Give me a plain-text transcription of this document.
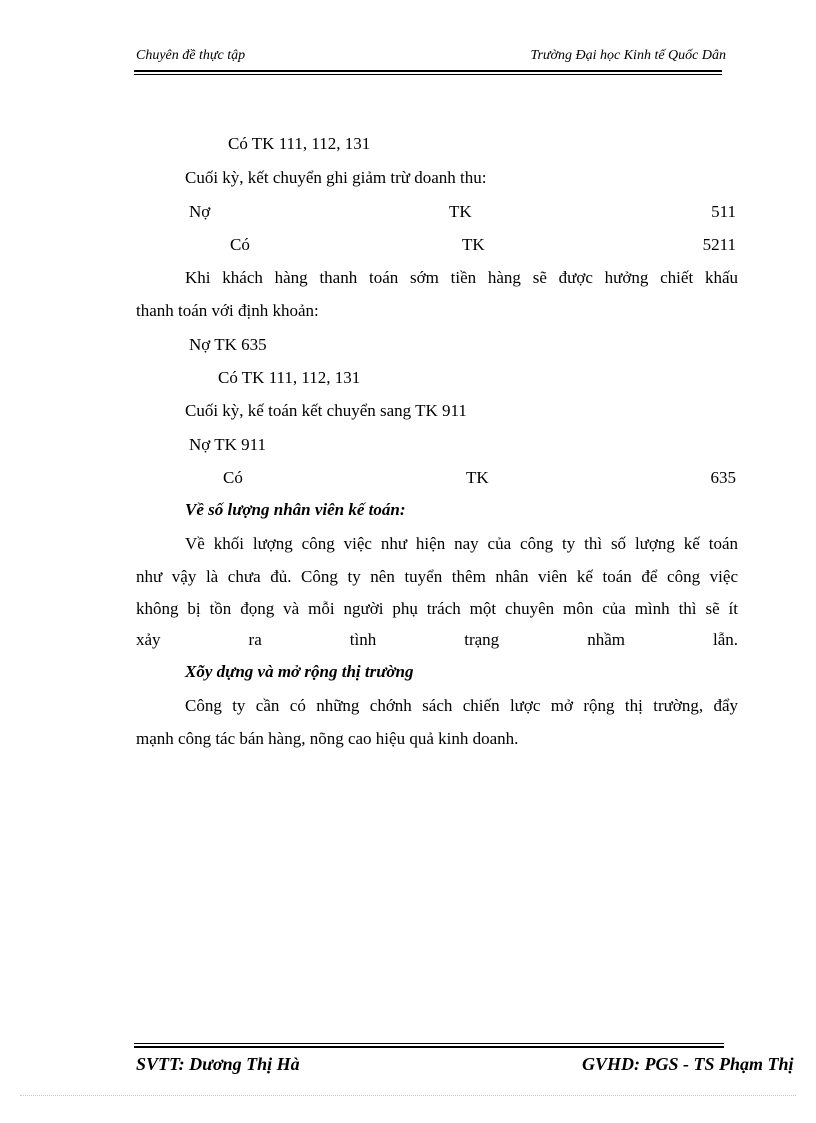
Chuyên đề thực tập	Trường Đại học Kinh tế Quốc Dân
Có TK 111, 112, 131
Cuối kỳ, kết chuyển ghi giảm trừ doanh thu:
Nợ	TK	511
Có	TK	5211
Khi khách hàng thanh toán sớm tiền hàng sẽ được hưởng chiết khấu
thanh toán với định khoản:
Nợ TK 635
Có TK 111, 112, 131
Cuối kỳ, kế toán kết chuyển sang TK 911
Nợ TK 911
Có	TK	635
Về số lượng nhân viên kế toán:
Về khối lượng công việc như hiện nay của công ty thì số lượng kế toán
như vậy là chưa đủ. Công ty nên tuyển thêm nhân viên kế toán để công việc
không bị tồn đọng và mỗi người phụ trách một chuyên môn của mình thì sẽ ít
xảy ra tình trạng nhầm lẫn.
Xõy dựng và mở rộng thị trường
Công ty cần có những chớnh sách chiến lược mở rộng thị trường, đẩy
mạnh công tác bán hàng, nõng cao hiệu quả kinh doanh.
SVTT: Dương Thị Hà	GVHD: PGS - TS Phạm Thị
